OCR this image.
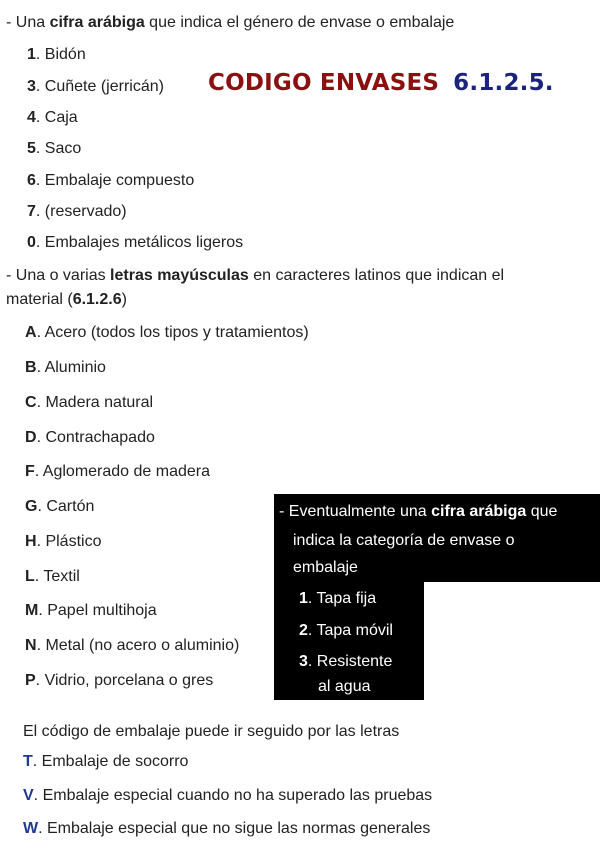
CODIGO ENVASES 6.1.2.5.
- Una cifra arábiga que indica el género de envase o embalaje
1. Bidón
3. Cuñete (jerricán)
4. Caja
5. Saco
6. Embalaje compuesto
7. (reservado)
0. Embalajes metálicos ligeros
- Una o varias letras mayúsculas en caracteres latinos que indican el
material (6.1.2.6)
A. Acero (todos los tipos y tratamientos)
B. Aluminio
C. Madera natural
D. Contrachapado
F. Aglomerado de madera
G. Cartón
H. Plástico
L. Textil
M. Papel multihoja
N. Metal (no acero o aluminio)
P. Vidrio, porcelana o gres
- Eventualmente una cifra arábiga que
indica la categoría de envase o
embalaje
1. Tapa fija
2. Tapa móvil
3. Resistente
al agua
El código de embalaje puede ir seguido por las letras
T. Embalaje de socorro
V. Embalaje especial cuando no ha superado las pruebas
W. Embalaje especial que no sigue las normas generales
